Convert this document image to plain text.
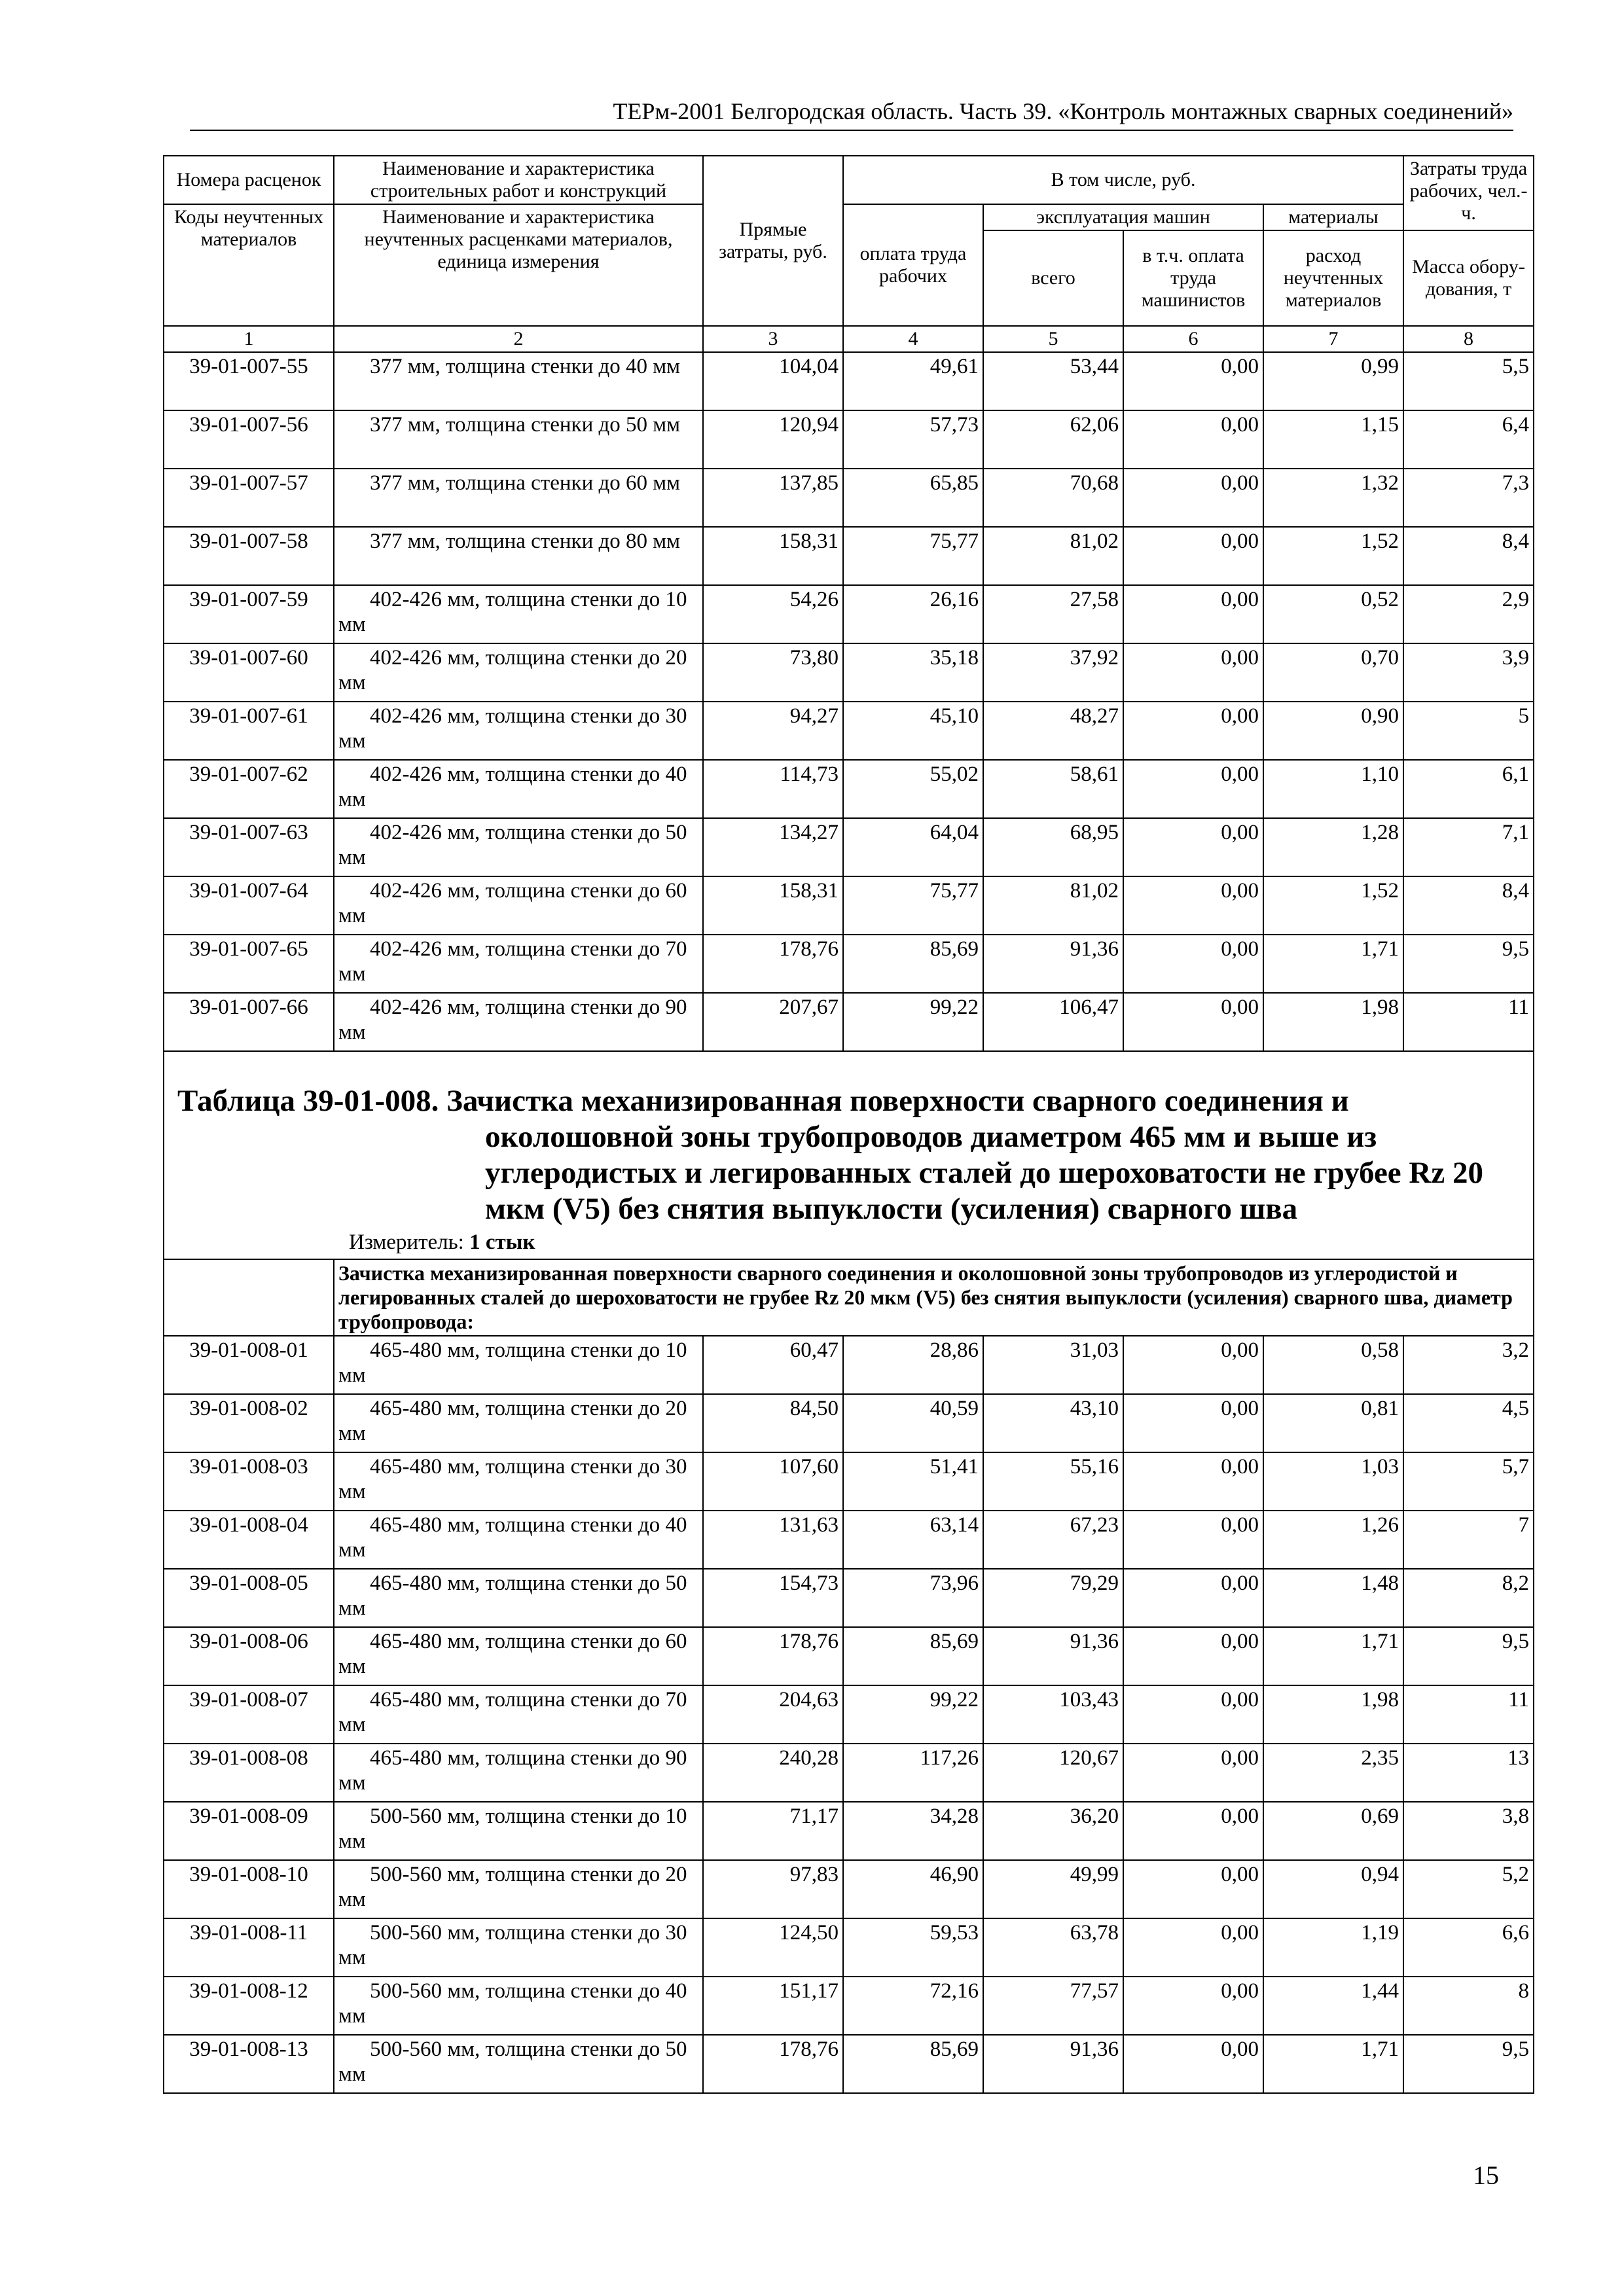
ТЕРм-2001 Белгородская область. Часть 39. «Контроль монтажных сварных соединений»
Номера расценок	Наименование и характеристика строительных работ и конструкций	Прямые затраты, руб.	В том числе, руб.				Затраты труда рабочих, чел.-ч.

Коды неучтенных материалов	Наименование и характеристика неучтенных расценками материалов, единица измерения		оплата труда рабочих	эксплуатация машин		материалы	
				всего	в т.ч. оплата труда машинистов	расход неучтенных материалов	Масса обору-дования, т
1	2	3	4	5	6	7	8
39-01-007-55	377 мм, толщина стенки до 40 мм	104,04	49,61	53,44	0,00	0,99	5,5
39-01-007-56	377 мм, толщина стенки до 50 мм	120,94	57,73	62,06	0,00	1,15	6,4
39-01-007-57	377 мм, толщина стенки до 60 мм	137,85	65,85	70,68	0,00	1,32	7,3
39-01-007-58	377 мм, толщина стенки до 80 мм	158,31	75,77	81,02	0,00	1,52	8,4
39-01-007-59	402-426 мм, толщина стенки до 10 мм	54,26	26,16	27,58	0,00	0,52	2,9
39-01-007-60	402-426 мм, толщина стенки до 20 мм	73,80	35,18	37,92	0,00	0,70	3,9
39-01-007-61	402-426 мм, толщина стенки до 30 мм	94,27	45,10	48,27	0,00	0,90	5
39-01-007-62	402-426 мм, толщина стенки до 40 мм	114,73	55,02	58,61	0,00	1,10	6,1
39-01-007-63	402-426 мм, толщина стенки до 50 мм	134,27	64,04	68,95	0,00	1,28	7,1
39-01-007-64	402-426 мм, толщина стенки до 60 мм	158,31	75,77	81,02	0,00	1,52	8,4
39-01-007-65	402-426 мм, толщина стенки до 70 мм	178,76	85,69	91,36	0,00	1,71	9,5
39-01-007-66	402-426 мм, толщина стенки до 90 мм	207,67	99,22	106,47	0,00	1,98	11

Таблица 39-01-008. Зачистка механизированная поверхности сварного соединения и околошовной зоны трубопроводов диаметром 465 мм и выше из углеродистых и легированных сталей до шероховатости не грубее Rz 20 мкм (V5) без снятия выпуклости (усиления) сварного шва
Измеритель: 1 стык							

	Зачистка механизированная поверхности сварного соединения и околошовной зоны трубопроводов из углеродистой и легированных сталей до шероховатости не грубее Rz 20 мкм (V5) без снятия выпуклости (усиления) сварного шва, диаметр трубопровода:						
39-01-008-01	465-480 мм, толщина стенки до 10 мм	60,47	28,86	31,03	0,00	0,58	3,2
39-01-008-02	465-480 мм, толщина стенки до 20 мм	84,50	40,59	43,10	0,00	0,81	4,5
39-01-008-03	465-480 мм, толщина стенки до 30 мм	107,60	51,41	55,16	0,00	1,03	5,7
39-01-008-04	465-480 мм, толщина стенки до 40 мм	131,63	63,14	67,23	0,00	1,26	7
39-01-008-05	465-480 мм, толщина стенки до 50 мм	154,73	73,96	79,29	0,00	1,48	8,2
39-01-008-06	465-480 мм, толщина стенки до 60 мм	178,76	85,69	91,36	0,00	1,71	9,5
39-01-008-07	465-480 мм, толщина стенки до 70 мм	204,63	99,22	103,43	0,00	1,98	11
39-01-008-08	465-480 мм, толщина стенки до 90 мм	240,28	117,26	120,67	0,00	2,35	13
39-01-008-09	500-560 мм, толщина стенки до 10 мм	71,17	34,28	36,20	0,00	0,69	3,8
39-01-008-10	500-560 мм, толщина стенки до 20 мм	97,83	46,90	49,99	0,00	0,94	5,2
39-01-008-11	500-560 мм, толщина стенки до 30 мм	124,50	59,53	63,78	0,00	1,19	6,6
39-01-008-12	500-560 мм, толщина стенки до 40 мм	151,17	72,16	77,57	0,00	1,44	8
39-01-008-13	500-560 мм, толщина стенки до 50 мм	178,76	85,69	91,36	0,00	1,71	9,5
15
